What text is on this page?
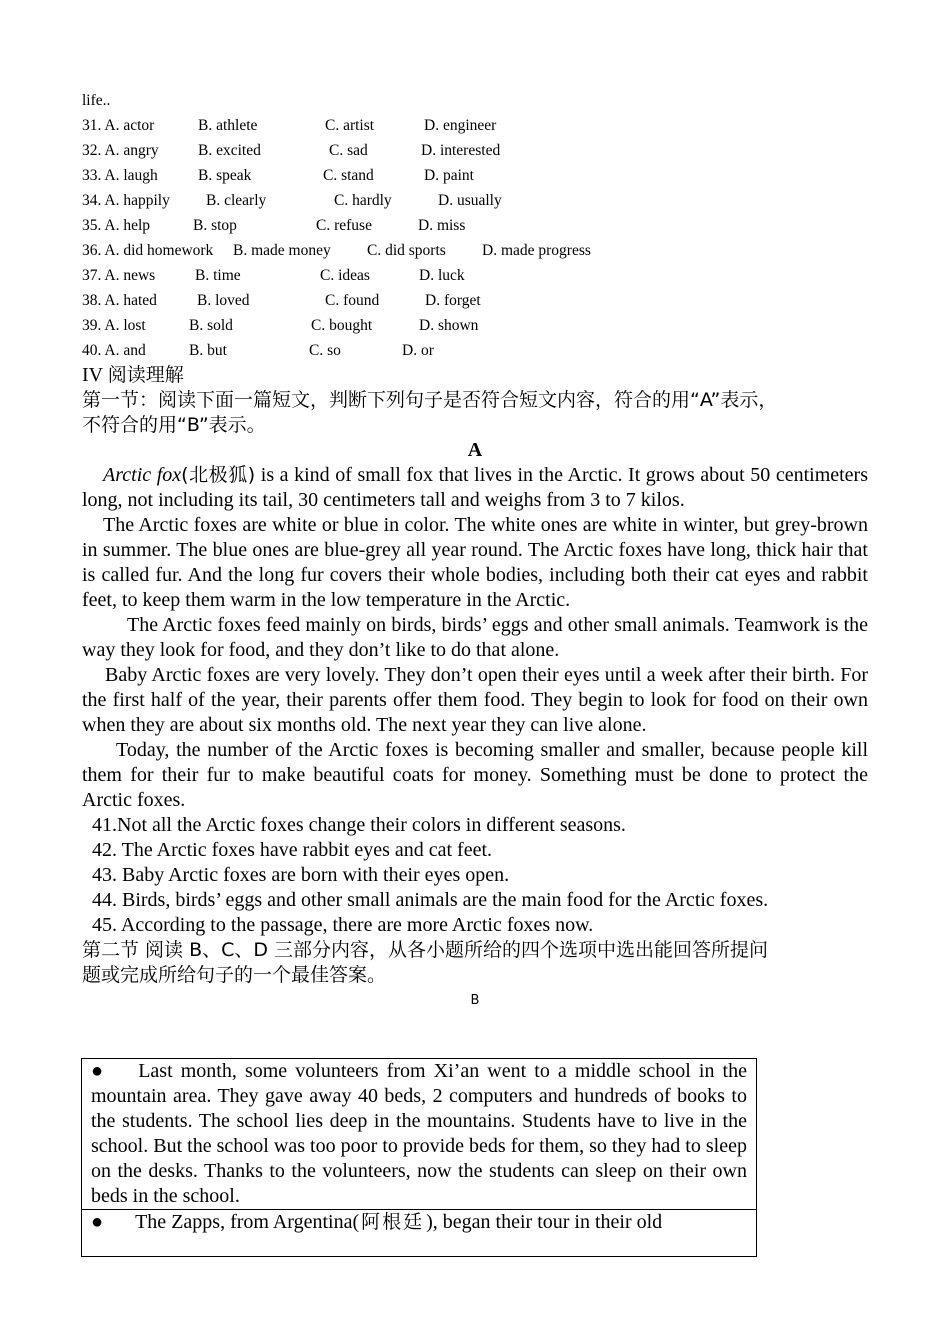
life..
31. A. actor	B. athlete	C. artist	D. engineer
32. A. angry	B. excited	C. sad	D. interested
33. A. laugh	B. speak	C. stand	D. paint
34. A. happily B. clearly	C. hardly	D. usually
35. A. help	B. stop	C. refuse	D. miss
36. A. did homework B. made money C. did sports D. made progress
37. A. news	B. time	C. ideas	D. luck
38. A. hated	B. loved	C. found	D. forget
39. A. lost	B. sold	C. bought	D. shown
40. A. and	B. but	C. so	D. or
IV 阅读理解
第一节：阅读下面一篇短文，判断下列句子是否符合短文内容，符合的用“A”表示，
不符合的用“B”表示。
A

Arctic fox(北极狐) is a kind of small fox that lives in the Arctic. It grows about 50 centimeters long, not including its tail, 30 centimeters tall and weighs from 3 to 7 kilos.

The Arctic foxes are white or blue in color. The white ones are white in winter, but grey-brown in summer. The blue ones are blue-grey all year round. The Arctic foxes have long, thick hair that is called fur. And the long fur covers their whole bodies, including both their cat eyes and rabbit feet, to keep them warm in the low temperature in the Arctic.

The Arctic foxes feed mainly on birds, birds’ eggs and other small animals. Teamwork is the way they look for food, and they don’t like to do that alone.

Baby Arctic foxes are very lovely. They don’t open their eyes until a week after their birth. For the first half of the year, their parents offer them food. They begin to look for food on their own when they are about six months old. The next year they can live alone.

Today, the number of the Arctic foxes is becoming smaller and smaller, because people kill them for their fur to make beautiful coats for money. Something must be done to protect the Arctic foxes.

41.Not all the Arctic foxes change their colors in different seasons.
42. The Arctic foxes have rabbit eyes and cat feet.
43. Baby Arctic foxes are born with their eyes open.
44. Birds, birds’ eggs and other small animals are the main food for the Arctic foxes.
45. According to the passage, there are more Arctic foxes now.
第二节 阅读 B、C、D 三部分内容，从各小题所给的四个选项中选出能回答所提问
题或完成所给句子的一个最佳答案。
B
● Last month, some volunteers from Xi’an went to a middle school in the mountain area. They gave away 40 beds, 2 computers and hundreds of books to the students. The school lies deep in the mountains. Students have to live in the school. But the school was too poor to provide beds for them, so they had to sleep on the desks. Thanks to the volunteers, now the students can sleep on their own beds in the school.
● The Zapps, from Argentina( 阿根廷 ), began their tour in their old
